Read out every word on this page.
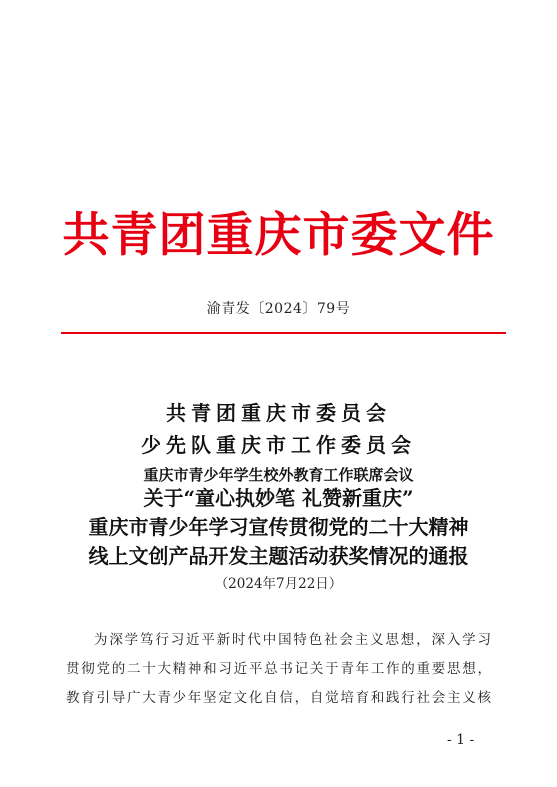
共青团重庆市委文件
渝青发〔2024〕79号
共青团重庆市委员会
少先队重庆市工作委员会
重庆市青少年学生校外教育工作联席会议
关于“童心执妙笔 礼赞新重庆”
重庆市青少年学习宣传贯彻党的二十大精神
线上文创产品开发主题活动获奖情况的通报
（2024年7月22日）
为深学笃行习近平新时代中国特色社会主义思想，深入学习
贯彻党的二十大精神和习近平总书记关于青年工作的重要思想，
教育引导广大青少年坚定文化自信，自觉培育和践行社会主义核
- 1 -
